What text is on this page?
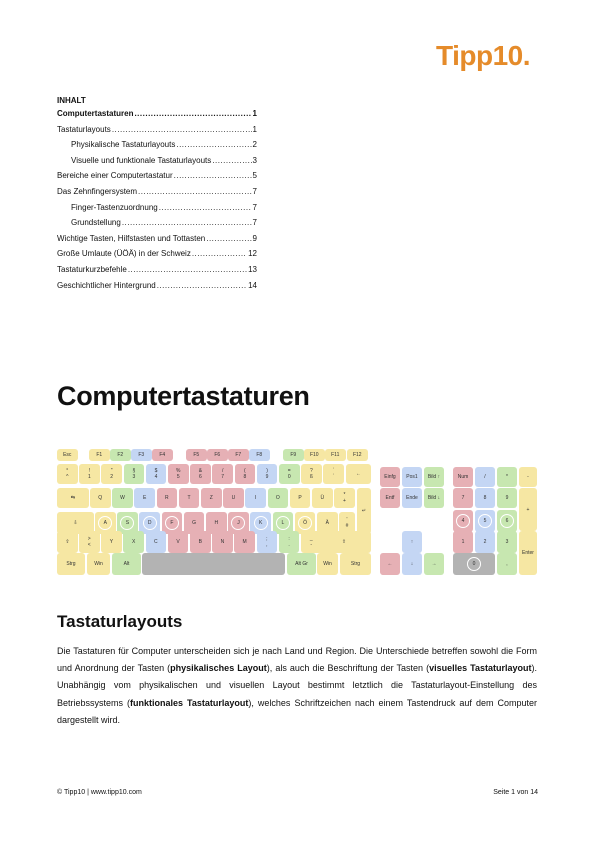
Tipp10.
INHALT
Computertastaturen .....	1
Tastaturlayouts .....	1
Physikalische Tastaturlayouts .....	2
Visuelle und funktionale Tastaturlayouts .....	3
Bereiche einer Computertastatur .....	5
Das Zehnfingersystem .....	7
Finger-Tastenzuordnung .....	7
Grundstellung .....	7
Wichtige Tasten, Hilfstasten und Tottasten .....	9
Große Umlaute (ÜÖÄ) in der Schweiz .....	12
Tastaturkurzbefehle .....	13
Geschichtlicher Hintergrund .....	14
Computertastaturen
Esc	F1	F2	F3	F4	F5	F6	F7	F8	F9	F10	F11	F12
°
^
!
1
"
2
§
3
$
4
%
5
&
6
/
7
(
8
)
9
=
0
?
ß
`
´	←
⇆	Q	W	E	R	T	Z	U	I	O	P	Ü	*
+
↵
⇩	A	S	D	F	G	H	J	K	L	Ö	Ä	'
#
⇧	>
<	Y	X	C	V	B	N	M	;
,
:
.
_
-	⇧
Strg	Win	Alt	Alt Gr	Win	Strg
Einfg	Pos1	Bild ↑
Entf	Ende	Bild ↓
↑
←	↓	→
Num	/	*	-
7	8	9
+
4	5	6
1	2	3
Enter
0	,
Tastaturlayouts
Die Tastaturen für Computer unterscheiden sich je nach Land und Region. Die Unterschiede betreffen sowohl die Form und Anordnung der Tasten (physikalisches Layout), als auch die Beschriftung der Tasten (visuelles Tastaturlayout). Unabhängig vom physikalischen und visuellen Layout bestimmt letztlich die Tastaturlayout-Einstellung des Betriebssystems (funktionales Tastaturlayout), welches Schriftzeichen nach einem Tastendruck auf dem Computer dargestellt wird.
© Tipp10 | www.tipp10.com	Seite 1 von 14
